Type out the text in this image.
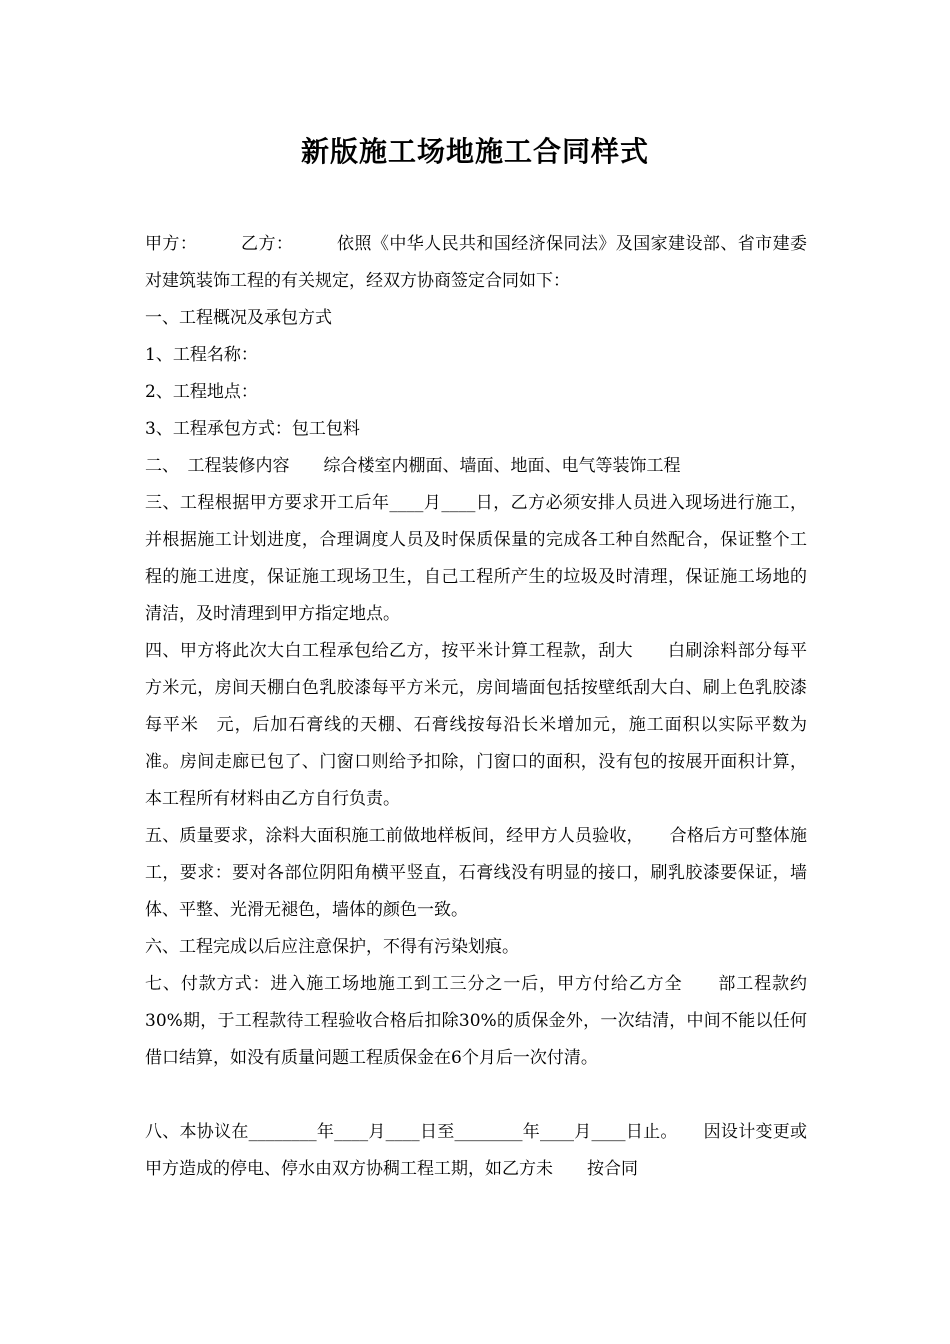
新版施工场地施工合同样式

甲方：　　　乙方：　　　依照《中华人民共和国经济保同法》及国家建设部、省市建委对建筑装饰工程的有关规定，经双方协商签定合同如下：

一、工程概况及承包方式

1、工程名称：

2、工程地点：

3、工程承包方式：包工包料

二、　工程装修内容　　综合楼室内棚面、墙面、地面、电气等装饰工程

三、工程根据甲方要求开工后年____月____日，乙方必须安排人员进入现场进行施工，并根据施工计划进度，合理调度人员及时保质保量的完成各工种自然配合，保证整个工程的施工进度，保证施工现场卫生，自己工程所产生的垃圾及时清理，保证施工场地的清洁，及时清理到甲方指定地点。

四、甲方将此次大白工程承包给乙方，按平米计算工程款，刮大　　白刷涂料部分每平方米元，房间天棚白色乳胶漆每平方米元，房间墙面包括按壁纸刮大白、刷上色乳胶漆每平米　元，后加石膏线的天棚、石膏线按每沿长米增加元，施工面积以实际平数为准。房间走廊已包了、门窗口则给予扣除，门窗口的面积，没有包的按展开面积计算，本工程所有材料由乙方自行负责。

五、质量要求，涂料大面积施工前做地样板间，经甲方人员验收，　　合格后方可整体施工，要求：要对各部位阴阳角横平竖直，石膏线没有明显的接口，刷乳胶漆要保证，墙体、平整、光滑无褪色，墙体的颜色一致。

六、工程完成以后应注意保护，不得有污染划痕。

七、付款方式：进入施工场地施工到工三分之一后，甲方付给乙方全　　部工程款约30%期，于工程款待工程验收合格后扣除30%的质保金外，一次结清，中间不能以任何借口结算，如没有质量问题工程质保金在6个月后一次付清。

八、本协议在________年____月____日至________年____月____日止。　　因设计变更或甲方造成的停电、停水由双方协稠工程工期，如乙方未　　按合同
